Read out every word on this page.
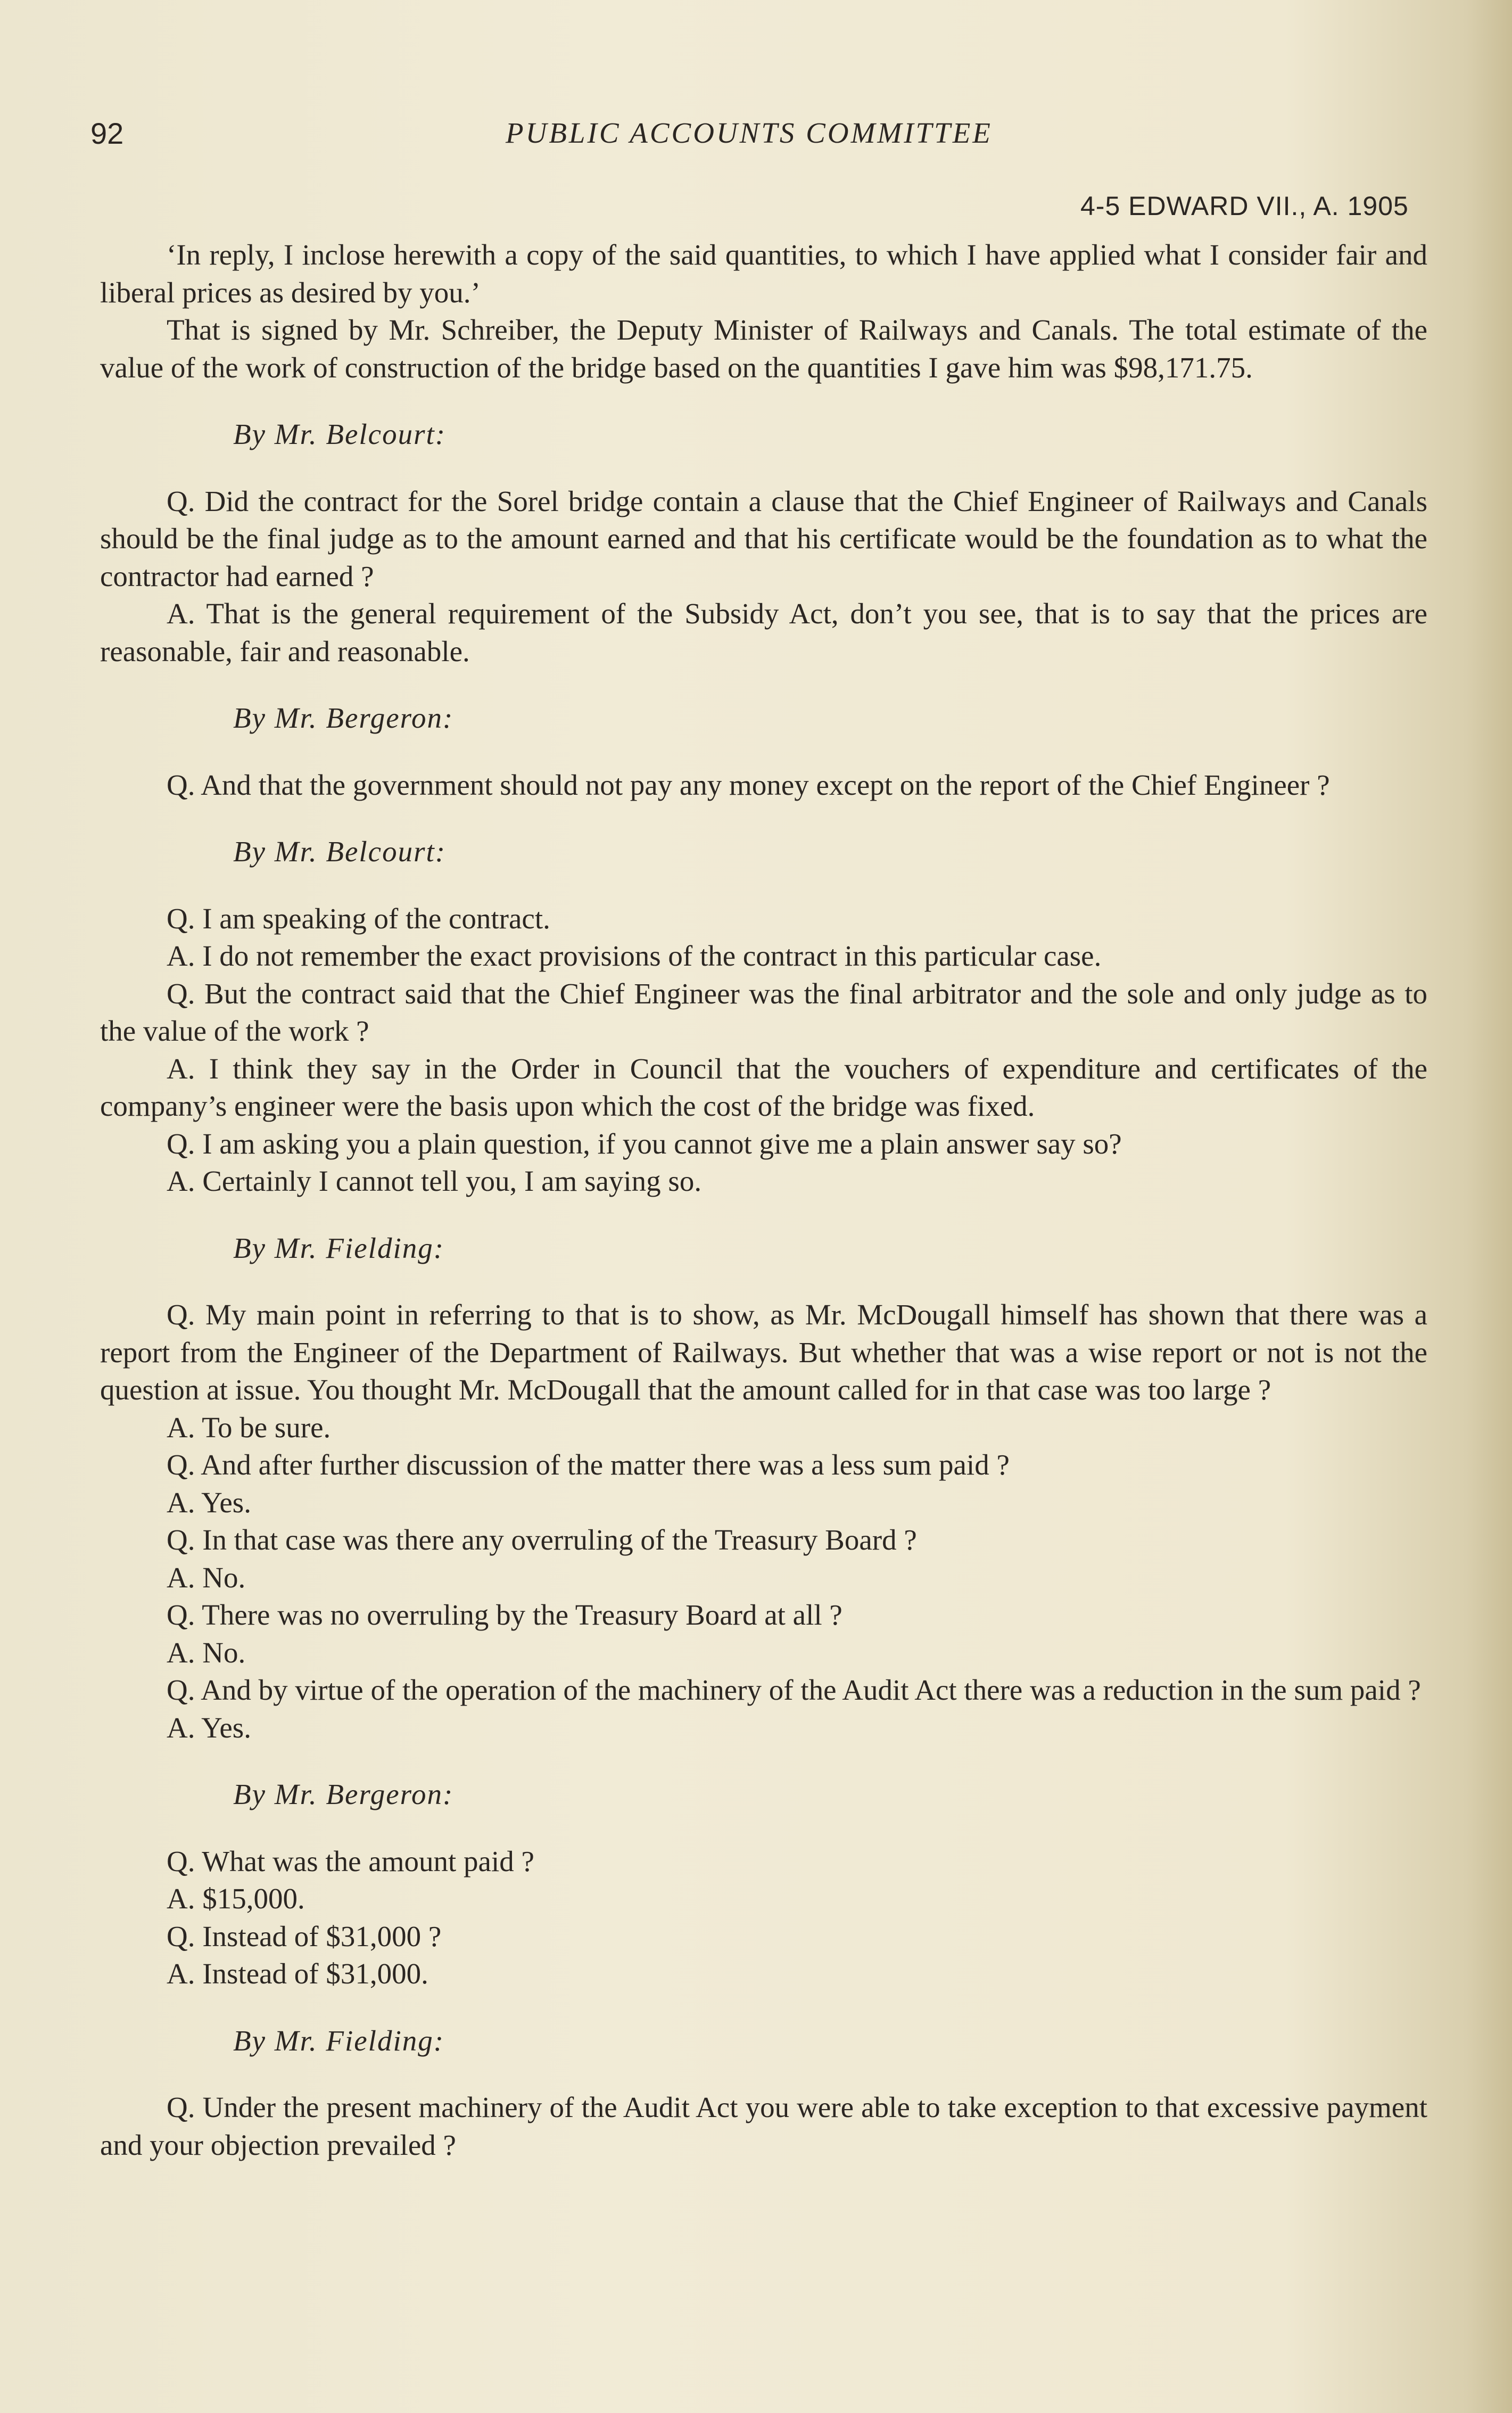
92	PUBLIC ACCOUNTS COMMITTEE
4-5 EDWARD VII., A. 1905

‘In reply, I inclose herewith a copy of the said quantities, to which I have applied what I consider fair and liberal prices as desired by you.’

That is signed by Mr. Schreiber, the Deputy Minister of Railways and Canals. The total estimate of the value of the work of construction of the bridge based on the quantities I gave him was $98,171.75.

By Mr. Belcourt:

Q. Did the contract for the Sorel bridge contain a clause that the Chief Engineer of Railways and Canals should be the final judge as to the amount earned and that his certificate would be the foundation as to what the contractor had earned ?

A. That is the general requirement of the Subsidy Act, don’t you see, that is to say that the prices are reasonable, fair and reasonable.

By Mr. Bergeron:

Q. And that the government should not pay any money except on the report of the Chief Engineer ?

By Mr. Belcourt:

Q. I am speaking of the contract.

A. I do not remember the exact provisions of the contract in this particular case.

Q. But the contract said that the Chief Engineer was the final arbitrator and the sole and only judge as to the value of the work ?

A. I think they say in the Order in Council that the vouchers of expenditure and certificates of the company’s engineer were the basis upon which the cost of the bridge was fixed.

Q. I am asking you a plain question, if you cannot give me a plain answer say so?

A. Certainly I cannot tell you, I am saying so.

By Mr. Fielding:

Q. My main point in referring to that is to show, as Mr. McDougall himself has shown that there was a report from the Engineer of the Department of Railways. But whether that was a wise report or not is not the question at issue. You thought Mr. McDougall that the amount called for in that case was too large ?

A. To be sure.

Q. And after further discussion of the matter there was a less sum paid ?

A. Yes.

Q. In that case was there any overruling of the Treasury Board ?

A. No.

Q. There was no overruling by the Treasury Board at all ?

A. No.

Q. And by virtue of the operation of the machinery of the Audit Act there was a reduction in the sum paid ?

A. Yes.

By Mr. Bergeron:

Q. What was the amount paid ?

A. $15,000.

Q. Instead of $31,000 ?

A. Instead of $31,000.

By Mr. Fielding:

Q. Under the present machinery of the Audit Act you were able to take exception to that excessive payment and your objection prevailed ?
